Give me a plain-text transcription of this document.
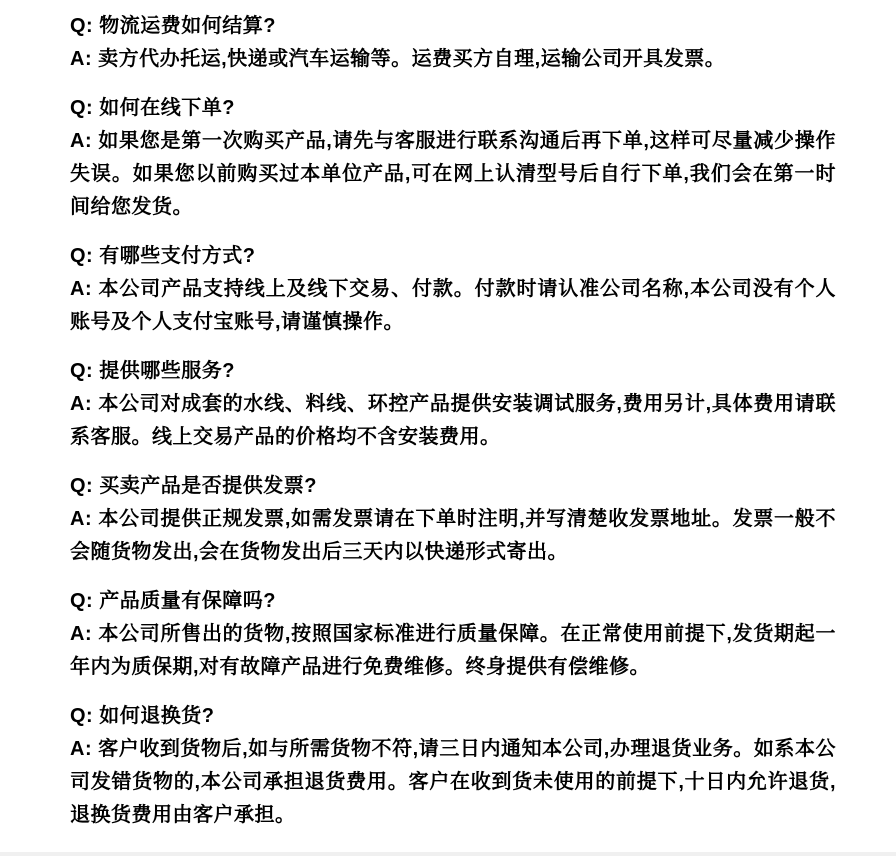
Q: 物流运费如何结算?

A: 卖方代办托运,快递或汽车运输等。运费买方自理,运输公司开具发票。

Q: 如何在线下单?

A: 如果您是第一次购买产品,请先与客服进行联系沟通后再下单,这样可尽量减少操作失误。如果您以前购买过本单位产品,可在网上认清型号后自行下单,我们会在第一时间给您发货。

Q: 有哪些支付方式?

A: 本公司产品支持线上及线下交易、付款。付款时请认准公司名称,本公司没有个人账号及个人支付宝账号,请谨慎操作。

Q: 提供哪些服务?

A: 本公司对成套的水线、料线、环控产品提供安装调试服务,费用另计,具体费用请联系客服。线上交易产品的价格均不含安装费用。

Q: 买卖产品是否提供发票?

A: 本公司提供正规发票,如需发票请在下单时注明,并写清楚收发票地址。发票一般不会随货物发出,会在货物发出后三天内以快递形式寄出。

Q: 产品质量有保障吗?

A: 本公司所售出的货物,按照国家标准进行质量保障。在正常使用前提下,发货期起一年内为质保期,对有故障产品进行免费维修。终身提供有偿维修。

Q: 如何退换货?

A: 客户收到货物后,如与所需货物不符,请三日内通知本公司,办理退货业务。如系本公司发错货物的,本公司承担退货费用。客户在收到货未使用的前提下,十日内允许退货,退换货费用由客户承担。
